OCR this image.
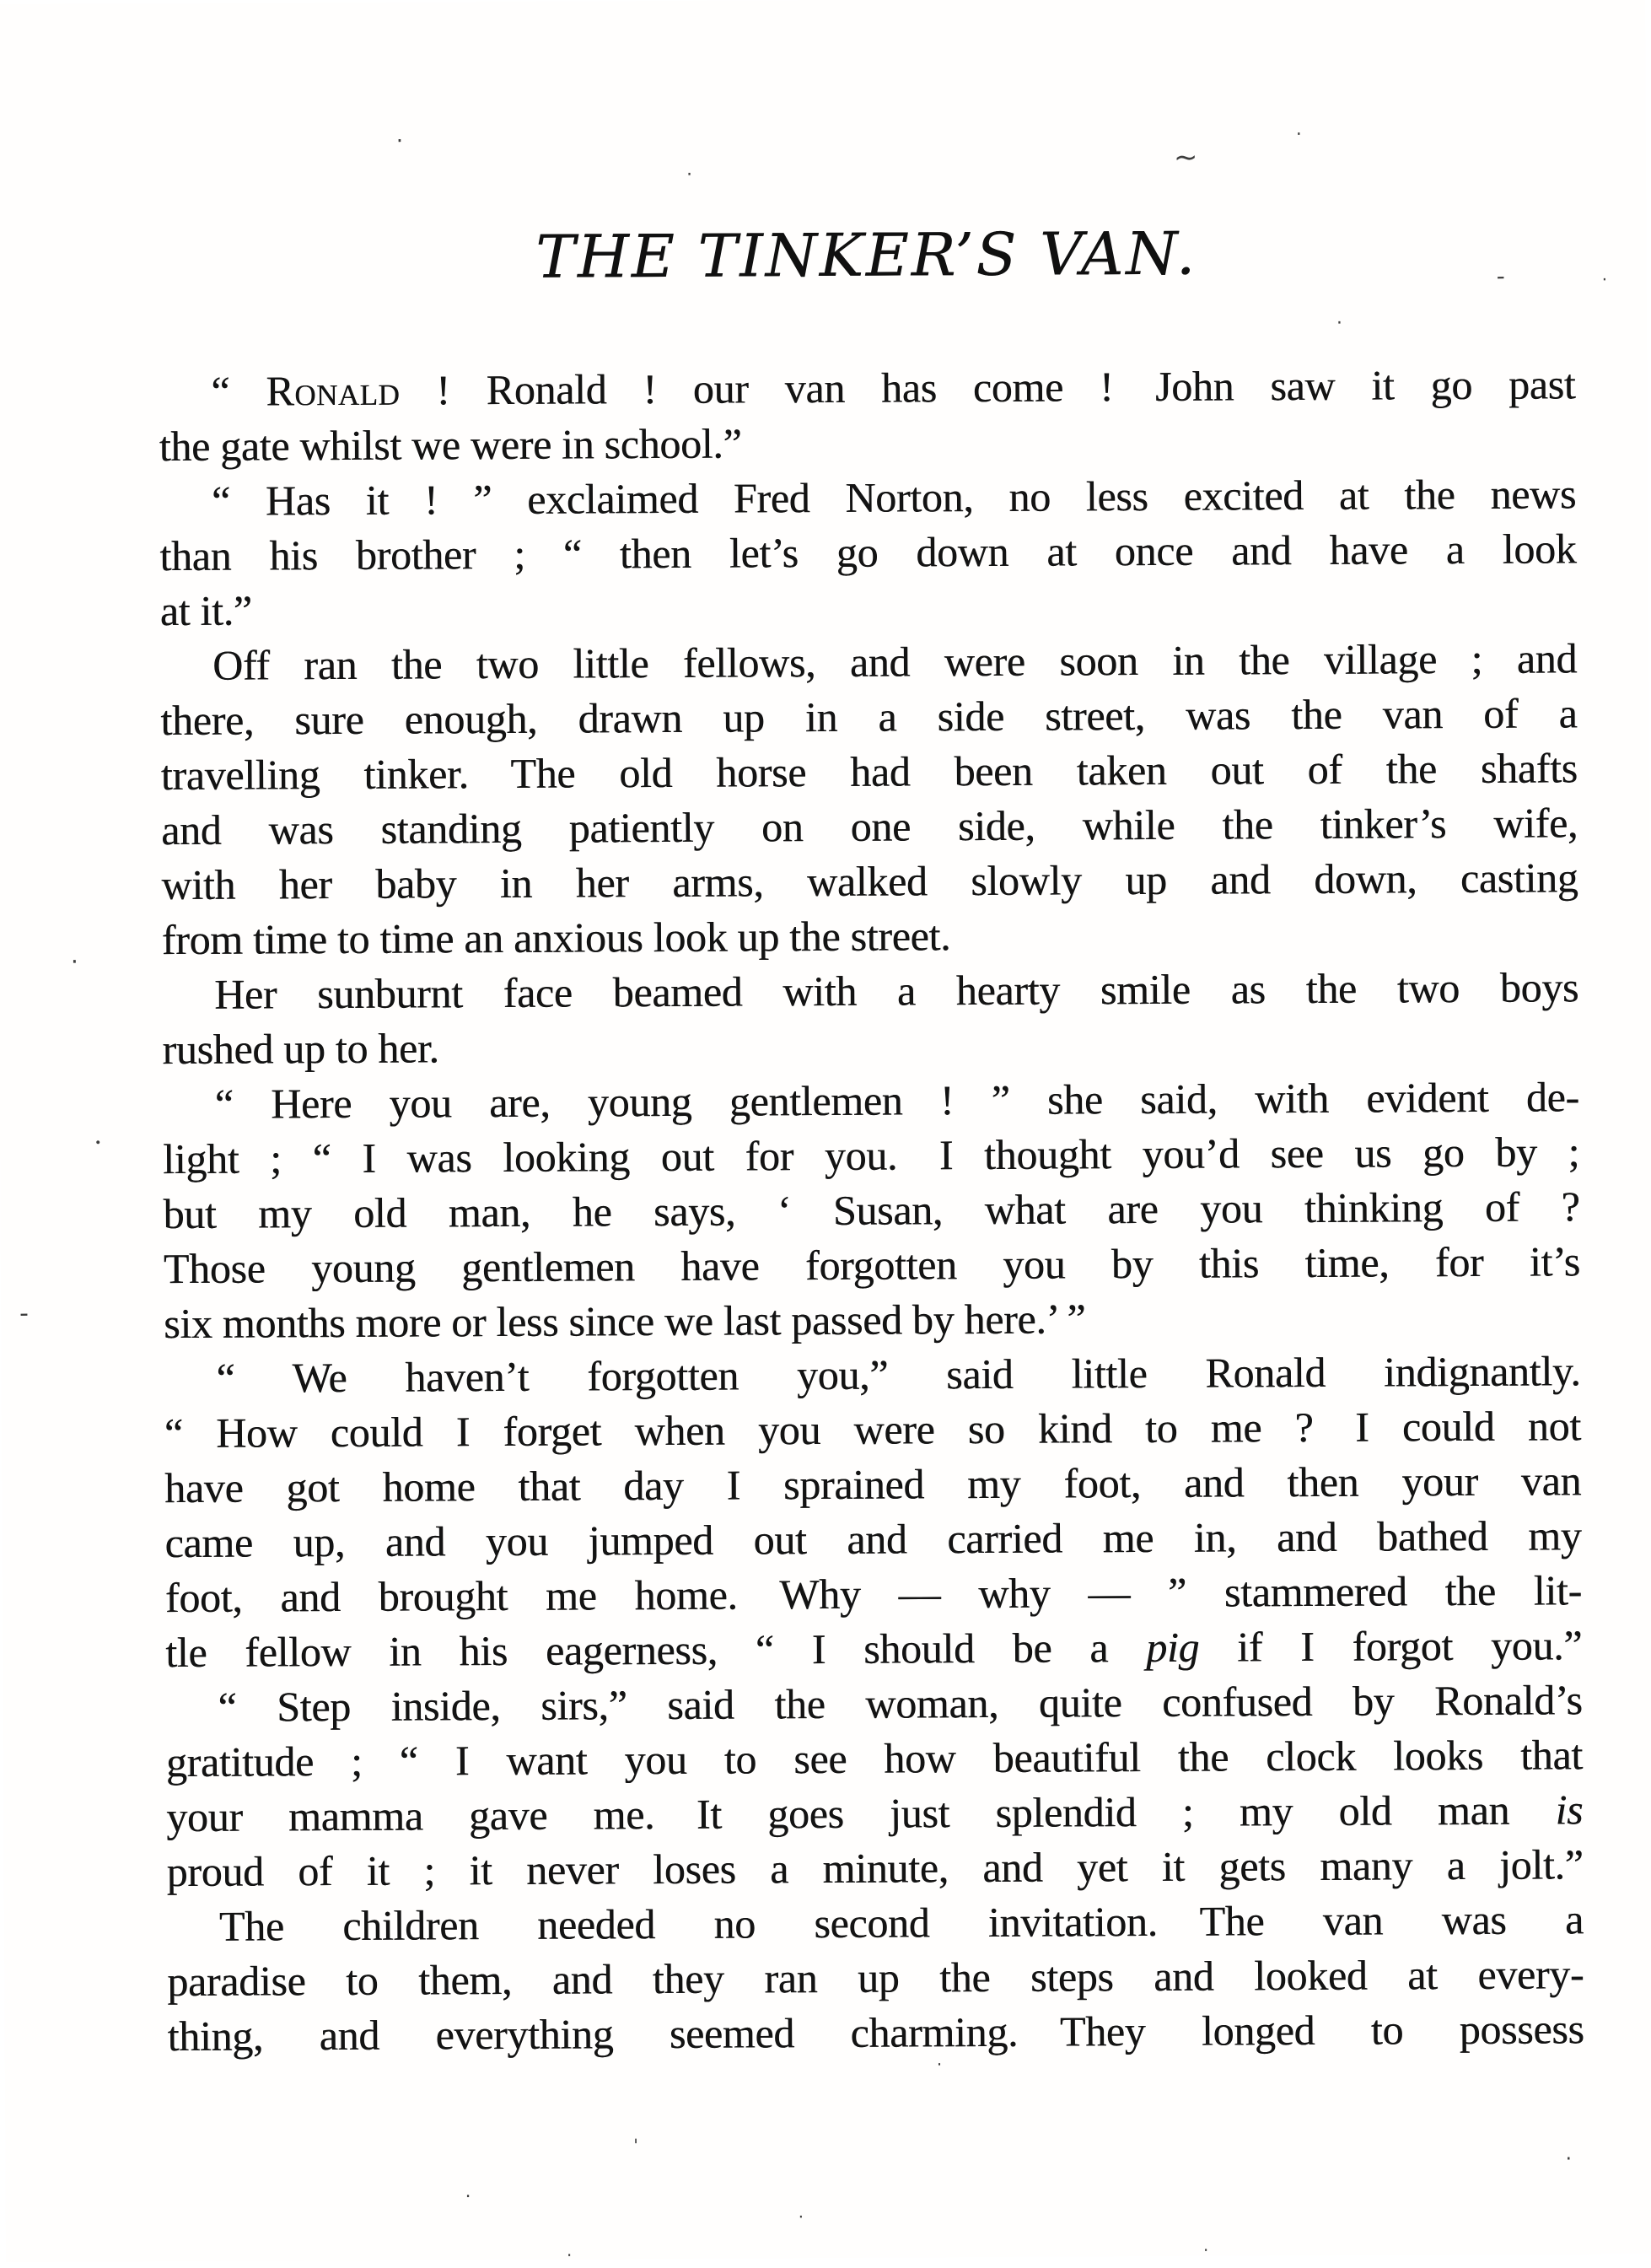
THE TINKER’S VAN.

“ Ronald ! Ronald ! our van has come ! John saw it go past
the gate whilst we were in school.”

“ Has it ! ” exclaimed Fred Norton, no less excited at the news
than his brother ; “ then let’s go down at once and have a look
at it.”

Off ran the two little fellows, and were soon in the village ; and
there, sure enough, drawn up in a side street, was the van of a
travelling tinker. The old horse had been taken out of the shafts
and was standing patiently on one side, while the tinker’s wife,
with her baby in her arms, walked slowly up and down, casting
from time to time an anxious look up the street.

Her sunburnt face beamed with a hearty smile as the two boys
rushed up to her.

“ Here you are, young gentlemen ! ” she said, with evident de-
light ; “ I was looking out for you. I thought you’d see us go by ;
but my old man, he says, ‘ Susan, what are you thinking of ?
Those young gentlemen have forgotten you by this time, for it’s
six months more or less since we last passed by here.’ ”

“ We haven’t forgotten you,” said little Ronald indignantly.
“ How could I forget when you were so kind to me ? I could not
have got home that day I sprained my foot, and then your van
came up, and you jumped out and carried me in, and bathed my
foot, and brought me home. Why — why — ” stammered the lit-
tle fellow in his eagerness, “ I should be a pig if I forgot you.”

“ Step inside, sirs,” said the woman, quite confused by Ronald’s
gratitude ; “ I want you to see how beautiful the clock looks that
your mamma gave me. It goes just splendid ; my old man is
proud of it ; it never loses a minute, and yet it gets many a jolt.”

The children needed no second invitation. The van was a
paradise to them, and they ran up the steps and looked at every-
thing, and everything seemed charming. They longed to possess

·	·
∼
·
-
·
·
·
•
-
·
'
·
·
·
·	·
